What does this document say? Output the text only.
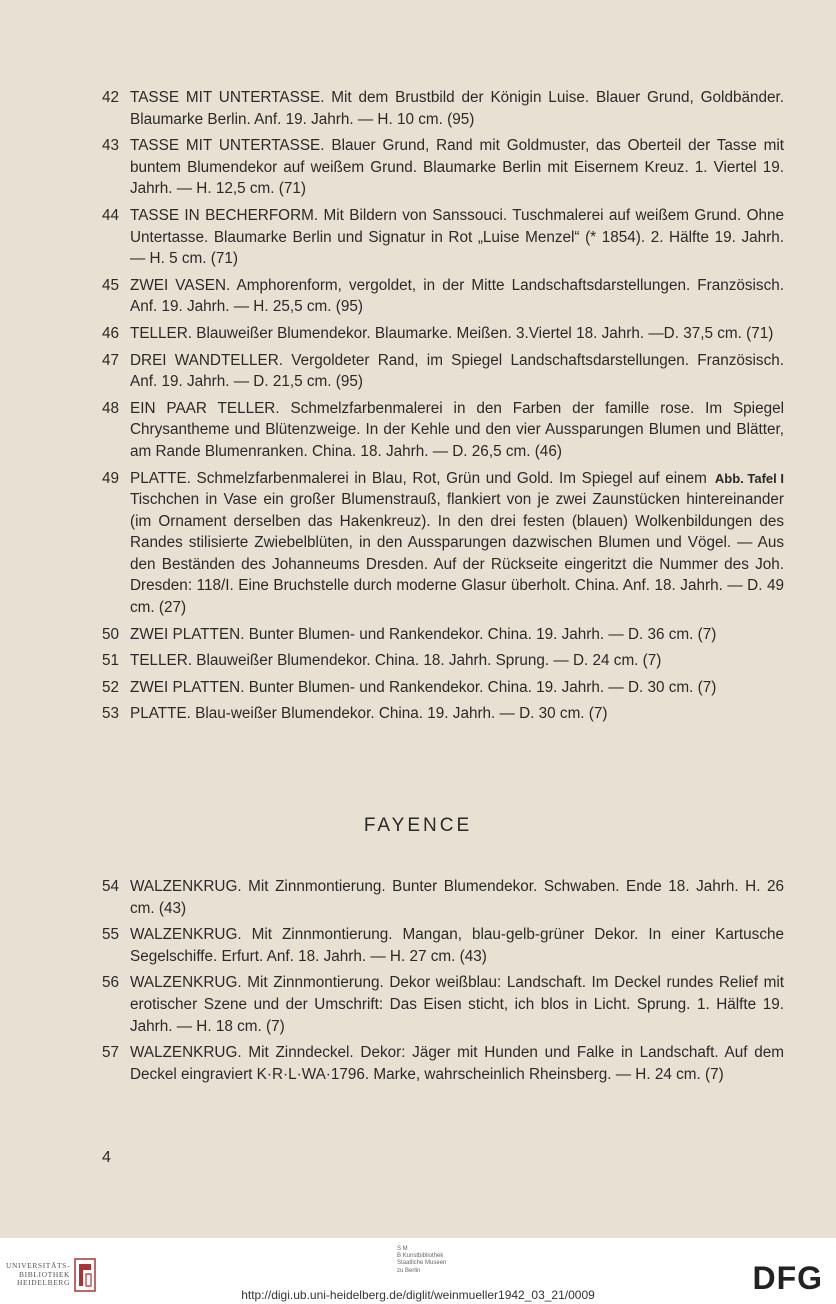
42 TASSE MIT UNTERTASSE. Mit dem Brustbild der Königin Luise. Blauer Grund, Goldbänder. Blaumarke Berlin. Anf. 19. Jahrh. — H. 10 cm. (95)
43 TASSE MIT UNTERTASSE. Blauer Grund, Rand mit Goldmuster, das Oberteil der Tasse mit buntem Blumendekor auf weißem Grund. Blaumarke Berlin mit Eisernem Kreuz. 1. Viertel 19. Jahrh. — H. 12,5 cm. (71)
44 TASSE IN BECHERFORM. Mit Bildern von Sanssouci. Tuschmalerei auf weißem Grund. Ohne Untertasse. Blaumarke Berlin und Signatur in Rot „Luise Menzel“ (* 1854). 2. Hälfte 19. Jahrh. — H. 5 cm. (71)
45 ZWEI VASEN. Amphorenform, vergoldet, in der Mitte Landschaftsdarstellungen. Französisch. Anf. 19. Jahrh. — H. 25,5 cm. (95)
46 TELLER. Blauweißer Blumendekor. Blaumarke. Meißen. 3.Viertel 18. Jahrh. —D. 37,5 cm. (71)
47 DREI WANDTELLER. Vergoldeter Rand, im Spiegel Landschaftsdarstellungen. Französisch. Anf. 19. Jahrh. — D. 21,5 cm. (95)
48 EIN PAAR TELLER. Schmelzfarbenmalerei in den Farben der famille rose. Im Spiegel Chrysantheme und Blütenzweige. In der Kehle und den vier Aussparungen Blumen und Blätter, am Rande Blumenranken. China. 18. Jahrh. — D. 26,5 cm. (46)
49	Abb. Tafel I
PLATTE. Schmelzfarbenmalerei in Blau, Rot, Grün und Gold. Im Spiegel auf einem Tischchen in Vase ein großer Blumenstrauß, flankiert von je zwei Zaunstücken hintereinander (im Ornament derselben das Hakenkreuz). In den drei festen (blauen) Wolkenbildungen des Randes stilisierte Zwiebelblüten, in den Aussparungen dazwischen Blumen und Vögel. — Aus den Beständen des Johanneums Dresden. Auf der Rückseite eingeritzt die Nummer des Joh. Dresden: 118/I. Eine Bruchstelle durch moderne Glasur überholt. China. Anf. 18. Jahrh. — D. 49 cm. (27)
50 ZWEI PLATTEN. Bunter Blumen- und Rankendekor. China. 19. Jahrh. — D. 36 cm. (7)
51 TELLER. Blauweißer Blumendekor. China. 18. Jahrh. Sprung. — D. 24 cm. (7)
52 ZWEI PLATTEN. Bunter Blumen- und Rankendekor. China. 19. Jahrh. — D. 30 cm. (7)
53 PLATTE. Blau-weißer Blumendekor. China. 19. Jahrh. — D. 30 cm. (7)
FAYENCE
54 WALZENKRUG. Mit Zinnmontierung. Bunter Blumendekor. Schwaben. Ende 18. Jahrh. H. 26 cm. (43)
55 WALZENKRUG. Mit Zinnmontierung. Mangan, blau-gelb-grüner Dekor. In einer Kartusche Segelschiffe. Erfurt. Anf. 18. Jahrh. — H. 27 cm. (43)
56 WALZENKRUG. Mit Zinnmontierung. Dekor weißblau: Landschaft. Im Deckel rundes Relief mit erotischer Szene und der Umschrift: Das Eisen sticht, ich blos in Licht. Sprung. 1. Hälfte 19. Jahrh. — H. 18 cm. (7)
57 WALZENKRUG. Mit Zinndeckel. Dekor: Jäger mit Hunden und Falke in Landschaft. Auf dem Deckel eingraviert K·R·L·WA·1796. Marke, wahrscheinlich Rheinsberg. — H. 24 cm. (7)
4
UNIVERSITÄTS-
BIBLIOTHEK
HEIDELBERG
S M
B Kunstbibliothek
Staatliche Museen
zu Berlin	DFG
http://digi.ub.uni-heidelberg.de/diglit/weinmueller1942_03_21/0009
